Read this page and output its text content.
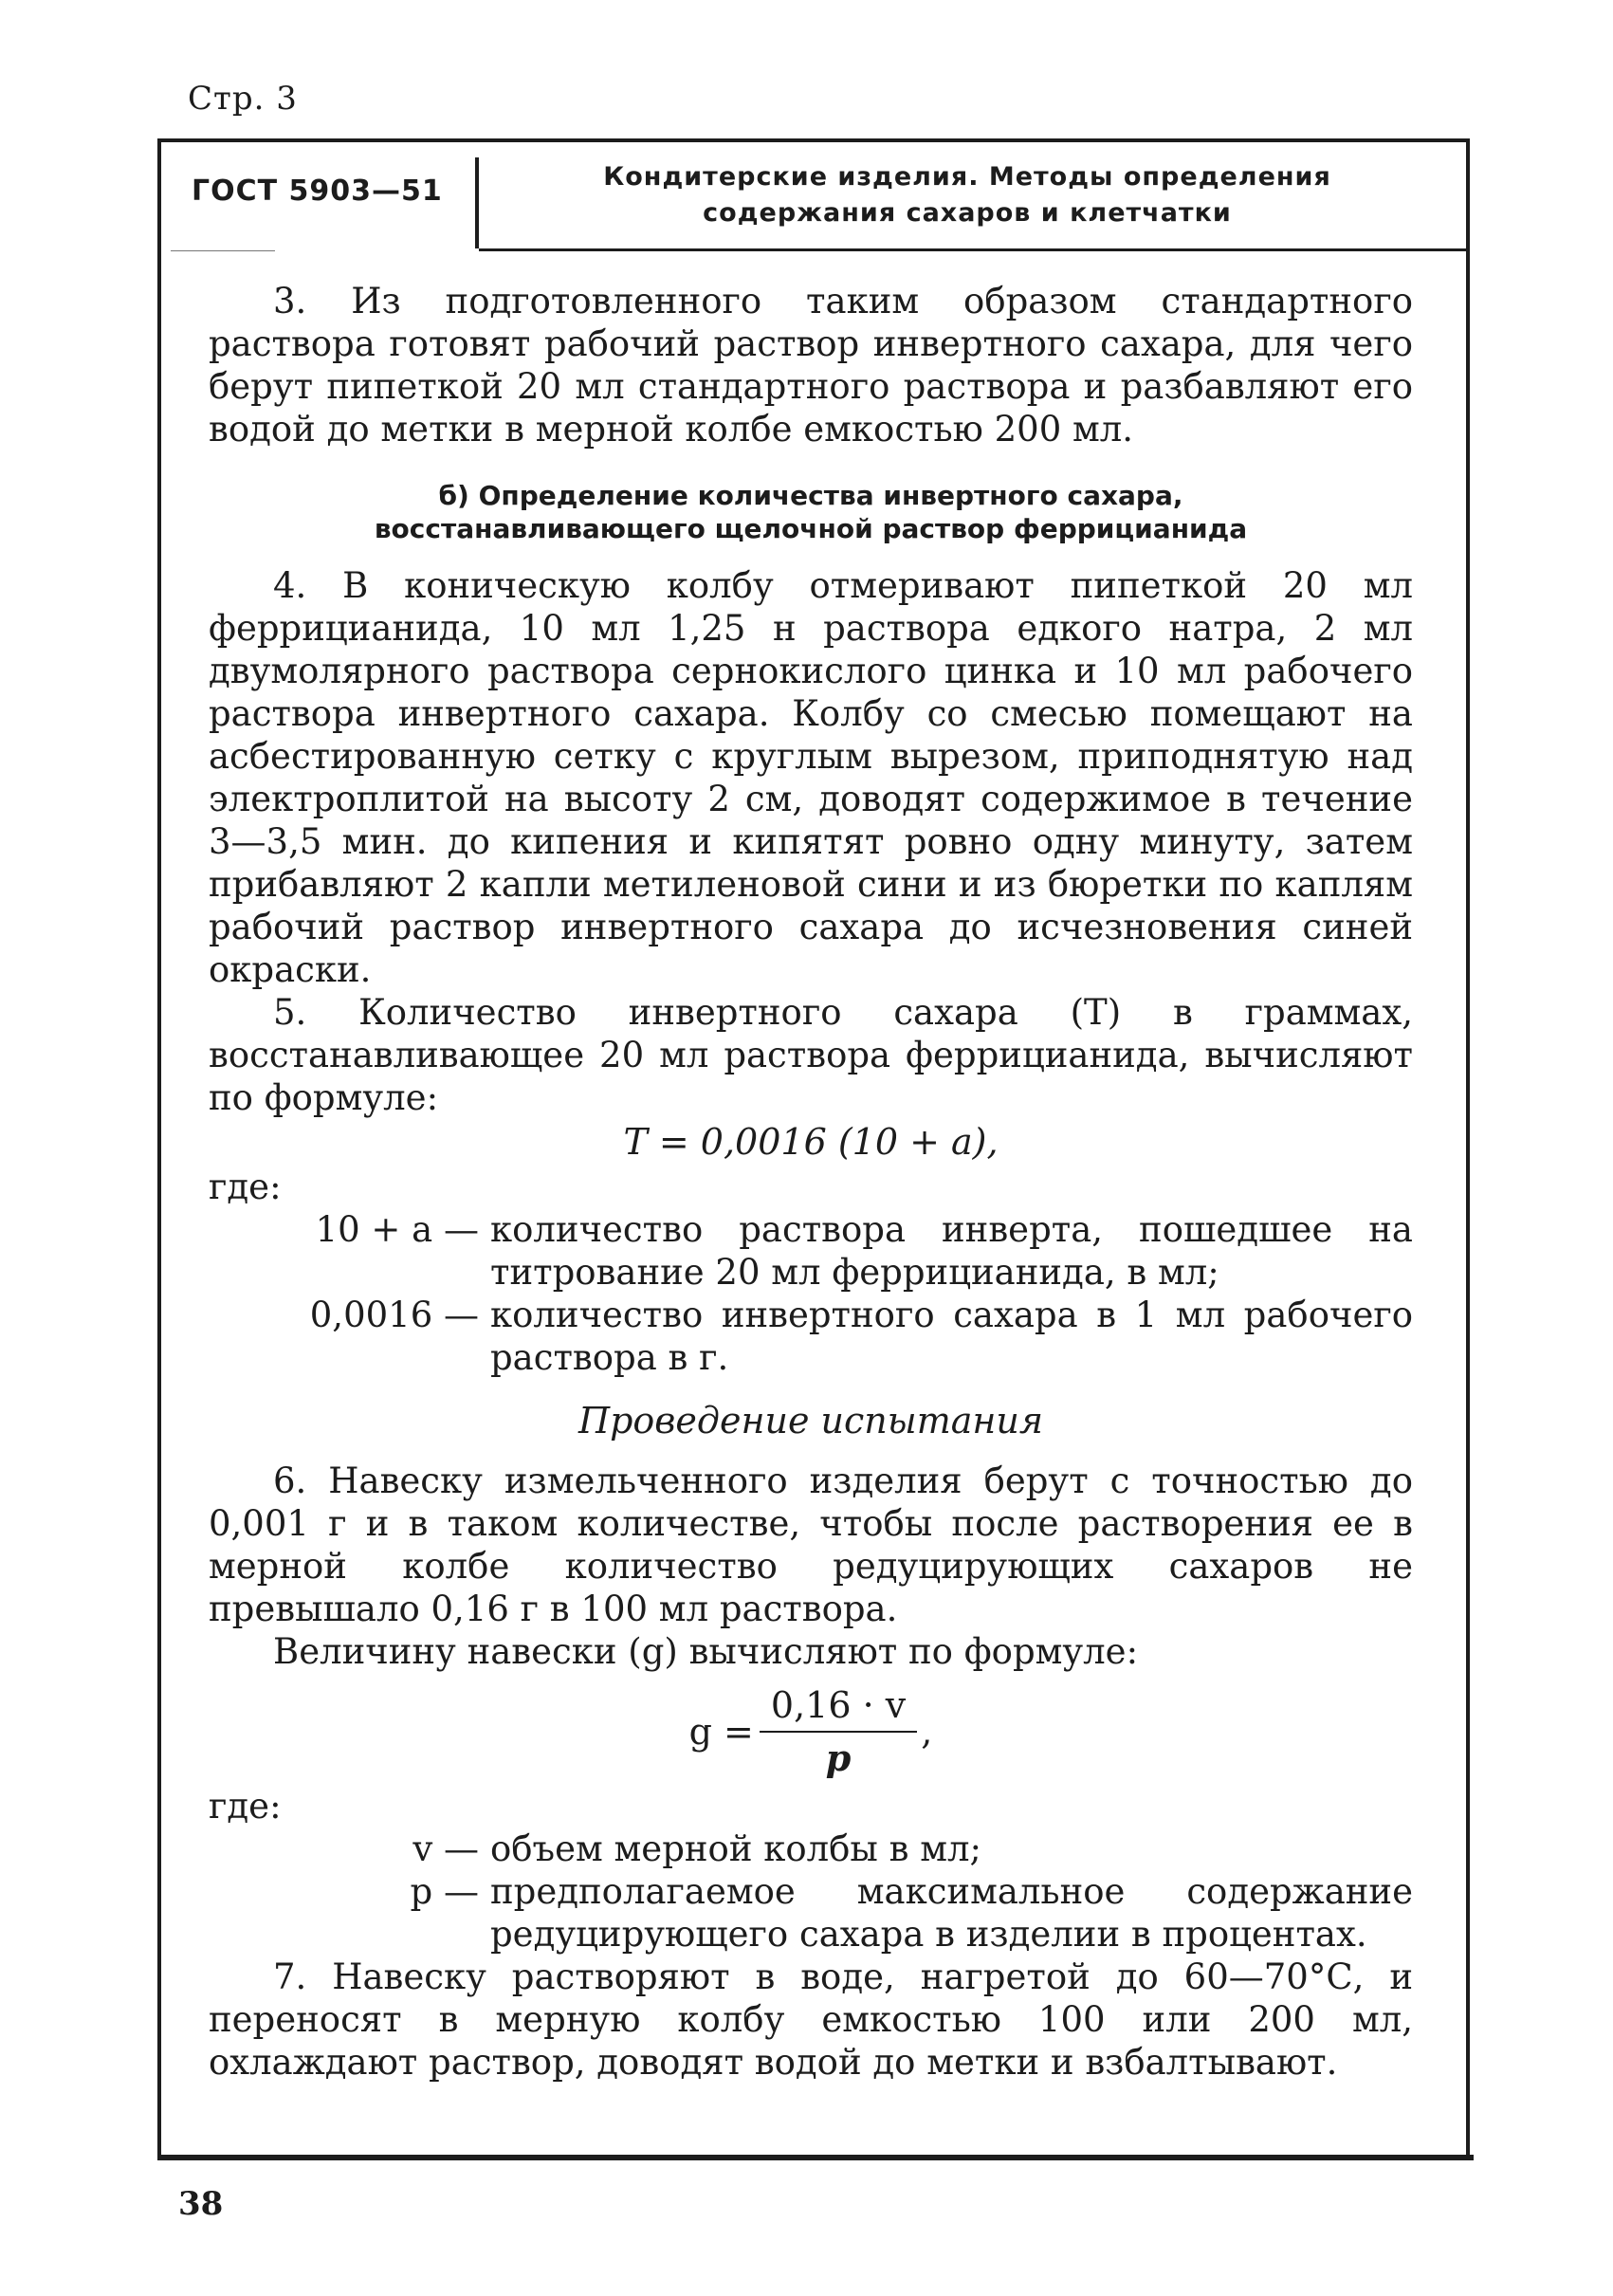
Стр. 3
ГОСТ 5903—51	Кондитерские изделия. Методы определения
содержания сахаров и клетчатки

3. Из подготовленного таким образом стандартного раствора готовят рабочий раствор инвертного сахара, для чего берут пипеткой 20 мл стандартного раствора и разбавляют его водой до метки в мерной колбе емкостью 200 мл.

б) Определение количества инвертного сахара,
восстанавливающего щелочной раствор феррицианида

4. В коническую колбу отмеривают пипеткой 20 мл феррицианида, 10 мл 1,25 н раствора едкого натра, 2 мл двумолярного раствора сернокислого цинка и 10 мл рабочего раствора инвертного сахара. Колбу со смесью помещают на асбестированную сетку с круглым вырезом, приподнятую над электроплитой на высоту 2 см, доводят содержимое в течение 3—3,5 мин. до кипения и кипятят ровно одну минуту, затем прибавляют 2 капли метиленовой сини и из бюретки по каплям рабочий раствор инвертного сахара до исчезновения синей окраски.

5. Количество инвертного сахара (T) в граммах, восстанавливающее 20 мл раствора феррицианида, вычисляют по формуле:

T = 0,0016 (10 + a),
где:
10 + a — количество раствора инверта, пошедшее на титрование 20 мл феррицианида, в мл;
0,0016 — количество инвертного сахара в 1 мл рабочего раствора в г.
Проведение испытания

6. Навеску измельченного изделия берут с точностью до 0,001 г и в таком количестве, чтобы после растворения ее в мерной колбе количество редуцирующих сахаров не превышало 0,16 г в 100 мл раствора.

Величину навески (g) вычисляют по формуле:

$g = \frac{0,16 \cdot v}{p}$ ,
где:
v — объем мерной колбы в мл;
p — предполагаемое максимальное содержание редуцирующего сахара в изделии в процентах.

7. Навеску растворяют в воде, нагретой до 60—70°С, и переносят в мерную колбу емкостью 100 или 200 мл, охлаждают раствор, доводят водой до метки и взбалтывают.

38
